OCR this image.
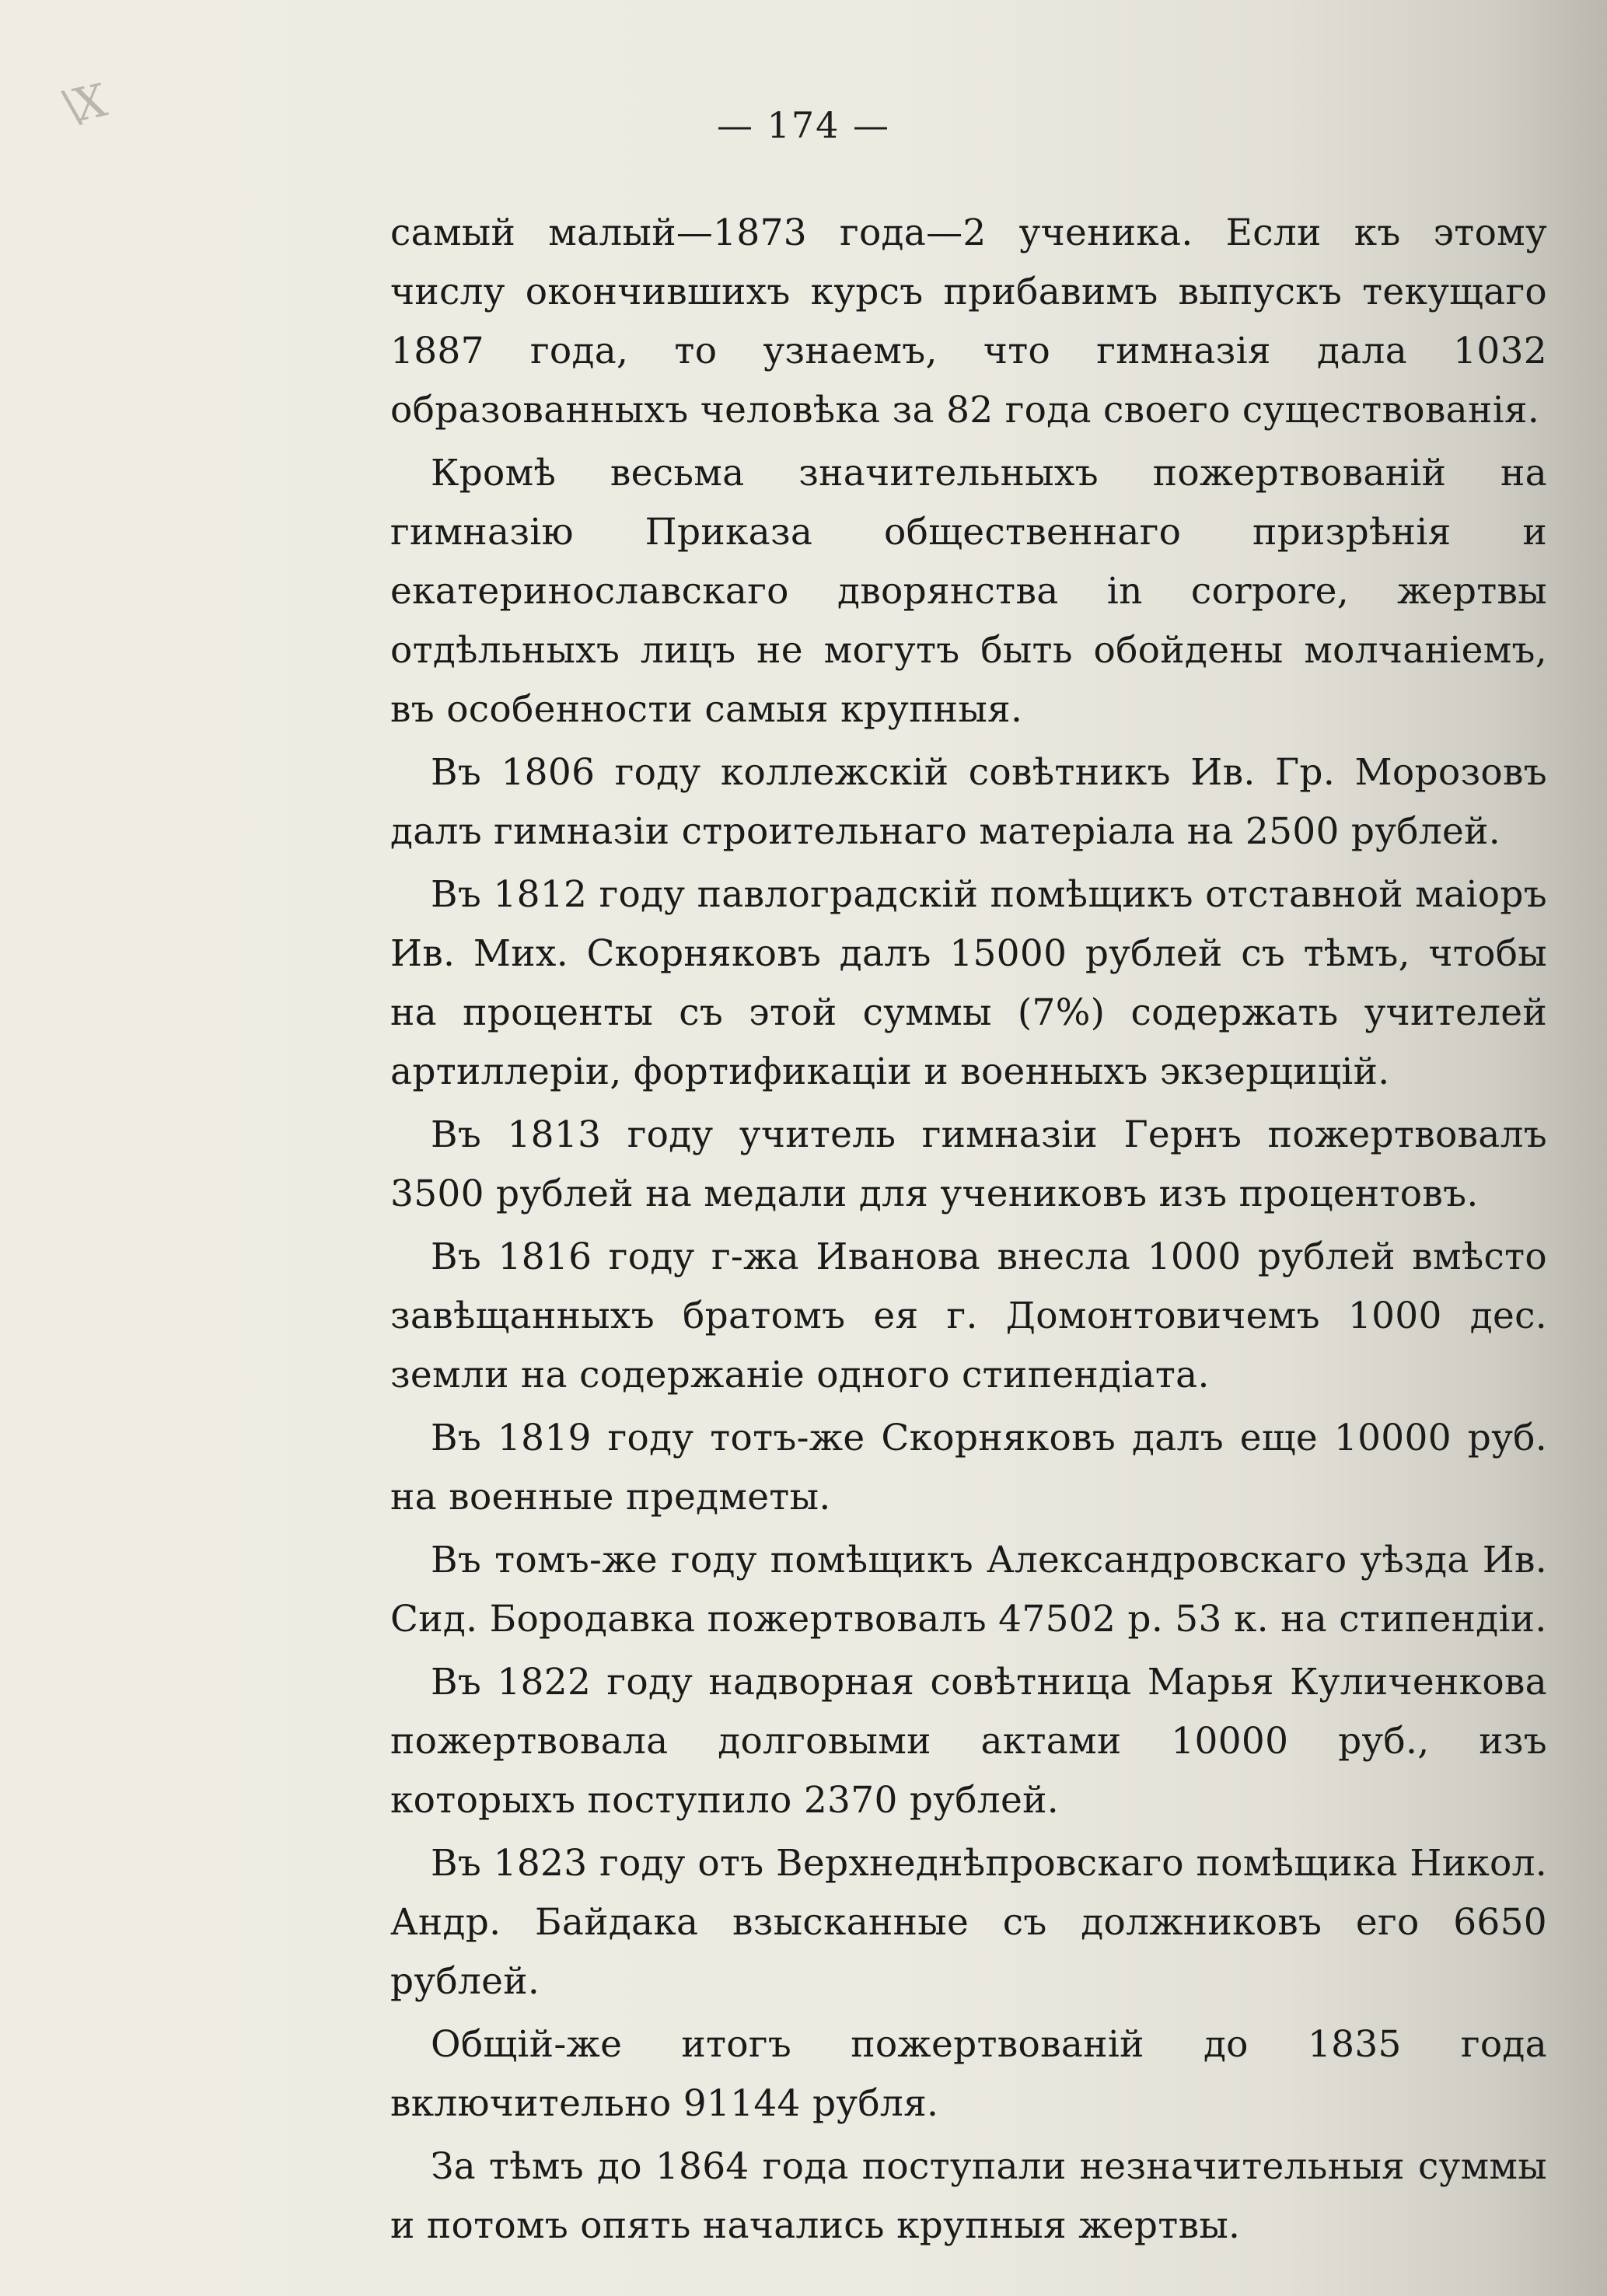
\X	— 174 —

самый малый—1873 года—2 ученика. Если къ этому числу окончившихъ курсъ прибавимъ выпускъ текущаго 1887 года, то узнаемъ, что гимназія дала 1032 образованныхъ человѣка за 82 года своего существованія.

Кромѣ весьма значительныхъ пожертвованій на гимназію Приказа общественнаго призрѣнія и екатеринославскаго дворянства in corpore, жертвы отдѣльныхъ лицъ не могутъ быть обойдены молчаніемъ, въ особенности самыя крупныя.

Въ 1806 году коллежскій совѣтникъ Ив. Гр. Морозовъ далъ гимназіи строительнаго матеріала на 2500 рублей.

Въ 1812 году павлоградскій помѣщикъ отставной маіоръ Ив. Мих. Скорняковъ далъ 15000 рублей съ тѣмъ, чтобы на проценты съ этой суммы (7%) содержать учителей артиллеріи, фортификаціи и военныхъ экзерцицій.

Въ 1813 году учитель гимназіи Гернъ пожертвовалъ 3500 рублей на медали для учениковъ изъ процентовъ.

Въ 1816 году г-жа Иванова внесла 1000 рублей вмѣсто завѣщанныхъ братомъ ея г. Домонтовичемъ 1000 дес. земли на содержаніе одного стипендіата.

Въ 1819 году тотъ-же Скорняковъ далъ еще 10000 руб. на военные предметы.

Въ томъ-же году помѣщикъ Александровскаго уѣзда Ив. Сид. Бородавка пожертвовалъ 47502 р. 53 к. на стипендіи.

Въ 1822 году надворная совѣтница Марья Куличенкова пожертвовала долговыми актами 10000 руб., изъ которыхъ поступило 2370 рублей.

Въ 1823 году отъ Верхнеднѣпровскаго помѣщика Никол. Андр. Байдака взысканные съ должниковъ его 6650 рублей.

Общій-же итогъ пожертвованій до 1835 года включительно 91144 рубля.

За тѣмъ до 1864 года поступали незначительныя суммы и потомъ опять начались крупныя жертвы.
